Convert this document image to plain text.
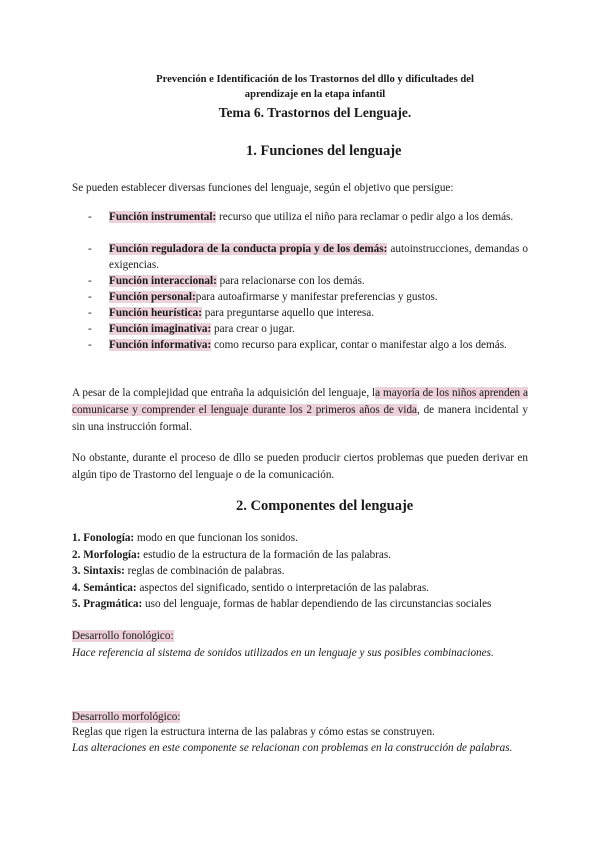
Prevención e Identificación de los Trastornos del dllo y dificultades del
aprendizaje en la etapa infantil
Tema 6. Trastornos del Lenguaje.
1. Funciones del lenguaje
Se pueden establecer diversas funciones del lenguaje, según el objetivo que persigue:
- Función instrumental: recurso que utiliza el niño para reclamar o pedir algo a los demás.
- Función reguladora de la conducta propia y de los demás: autoinstrucciones, demandas o exigencias.
- Función interaccional: para relacionarse con los demás.
- Función personal:para autoafirmarse y manifestar preferencias y gustos.
- Función heurística: para preguntarse aquello que interesa.
- Función imaginativa: para crear o jugar.
- Función informativa: como recurso para explicar, contar o manifestar algo a los demás.
A pesar de la complejidad que entraña la adquisición del lenguaje, la mayoría de los niños aprenden a comunicarse y comprender el lenguaje durante los 2 primeros años de vida, de manera incidental y sin una instrucción formal.
No obstante, durante el proceso de dllo se pueden producir ciertos problemas que pueden derivar en algún tipo de Trastorno del lenguaje o de la comunicación.
2. Componentes del lenguaje
1. Fonología: modo en que funcionan los sonidos.
2. Morfología: estudio de la estructura de la formación de las palabras.
3. Sintaxis: reglas de combinación de palabras.
4. Semántica: aspectos del significado, sentido o interpretación de las palabras.
5. Pragmática: uso del lenguaje, formas de hablar dependiendo de las circunstancias sociales
Desarrollo fonológico:
Hace referencia al sistema de sonidos utilizados en un lenguaje y sus posibles combinaciones.
Desarrollo morfológico:
Reglas que rigen la estructura interna de las palabras y cómo estas se construyen.
Las alteraciones en este componente se relacionan con problemas en la construcción de palabras.
